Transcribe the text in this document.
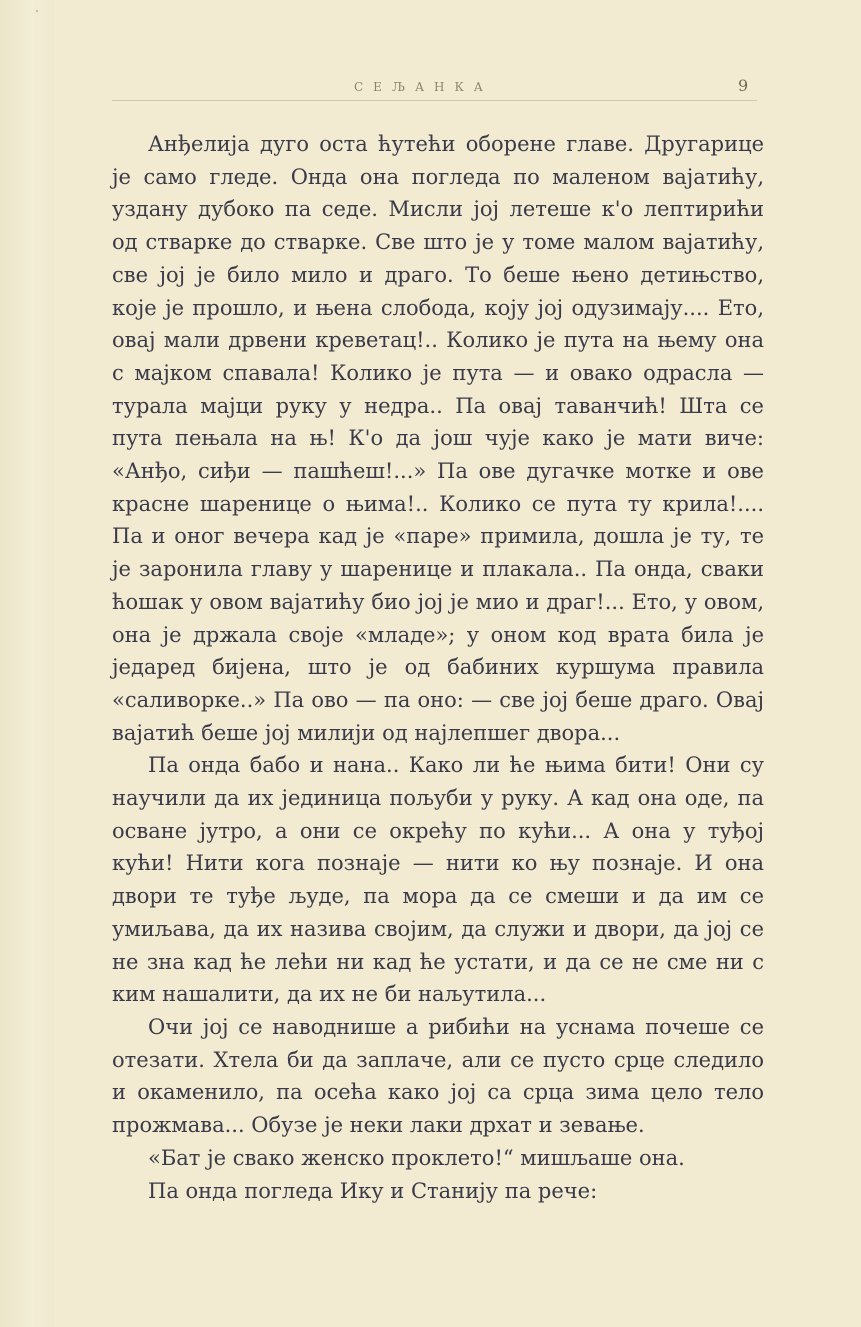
СЕЉАНКА	9

Анђелија дуго оста ћутећи оборене главе. Другарице је само гледе. Онда она погледа по маленом вајатићу, уздану дубоко па седе. Мисли јој летеше к'о лептирићи од стварке до стварке. Све што је у томе малом вајатићу, све јој је било мило и драго. То беше њено детињство, које је прошло, и њена слобода, коју јој одузимају.... Ето, овај мали дрвени креветац!.. Колико је пута на њему она с мајком спавала! Колико је пута — и овако одрасла — турала мајци руку у недра.. Па овај таванчић! Шта се пута пењала на њ! К'о да још чује како је мати виче: «Анђо, сиђи — пашћеш!...» Па ове дугачке мотке и ове красне шаренице о њима!.. Колико се пута ту крила!.... Па и оног вечера кад је «паре» примила, дошла је ту, те је заронила главу у шаренице и плакала.. Па онда, сваки ћошак у овом вајатићу био јој је мио и драг!... Ето, у овом, она је држала своје «младе»; у оном код врата била је једаред бијена, што је од бабиних куршума правила «саливорке..» Па ово — па оно: — све јој беше драго. Овај вајатић беше јој милији од најлепшег двора...

Па онда бабо и нана.. Како ли ће њима бити! Они су научили да их јединица пољуби у руку. А кад она оде, па осване јутро, а они се окрећу по кући... А она у туђој кући! Нити кога познаје — нити ко њу познаје. И она двори те туђе људе, па мора да се смеши и да им се умиљава, да их назива својим, да служи и двори, да јој се не зна кад ће лећи ни кад ће устати, и да се не сме ни с ким нашалити, да их не би наљутила...

Очи јој се наводнише а рибићи на уснама почеше се отезати. Хтела би да заплаче, али се пусто срце следило и окаменило, па осећа како јој са срца зима цело тело прожмава... Обузе је неки лаки дрхат и зевање.

«Бат је свако женско проклето!“ мишљаше она.

Па онда погледа Ику и Станију па рече:
